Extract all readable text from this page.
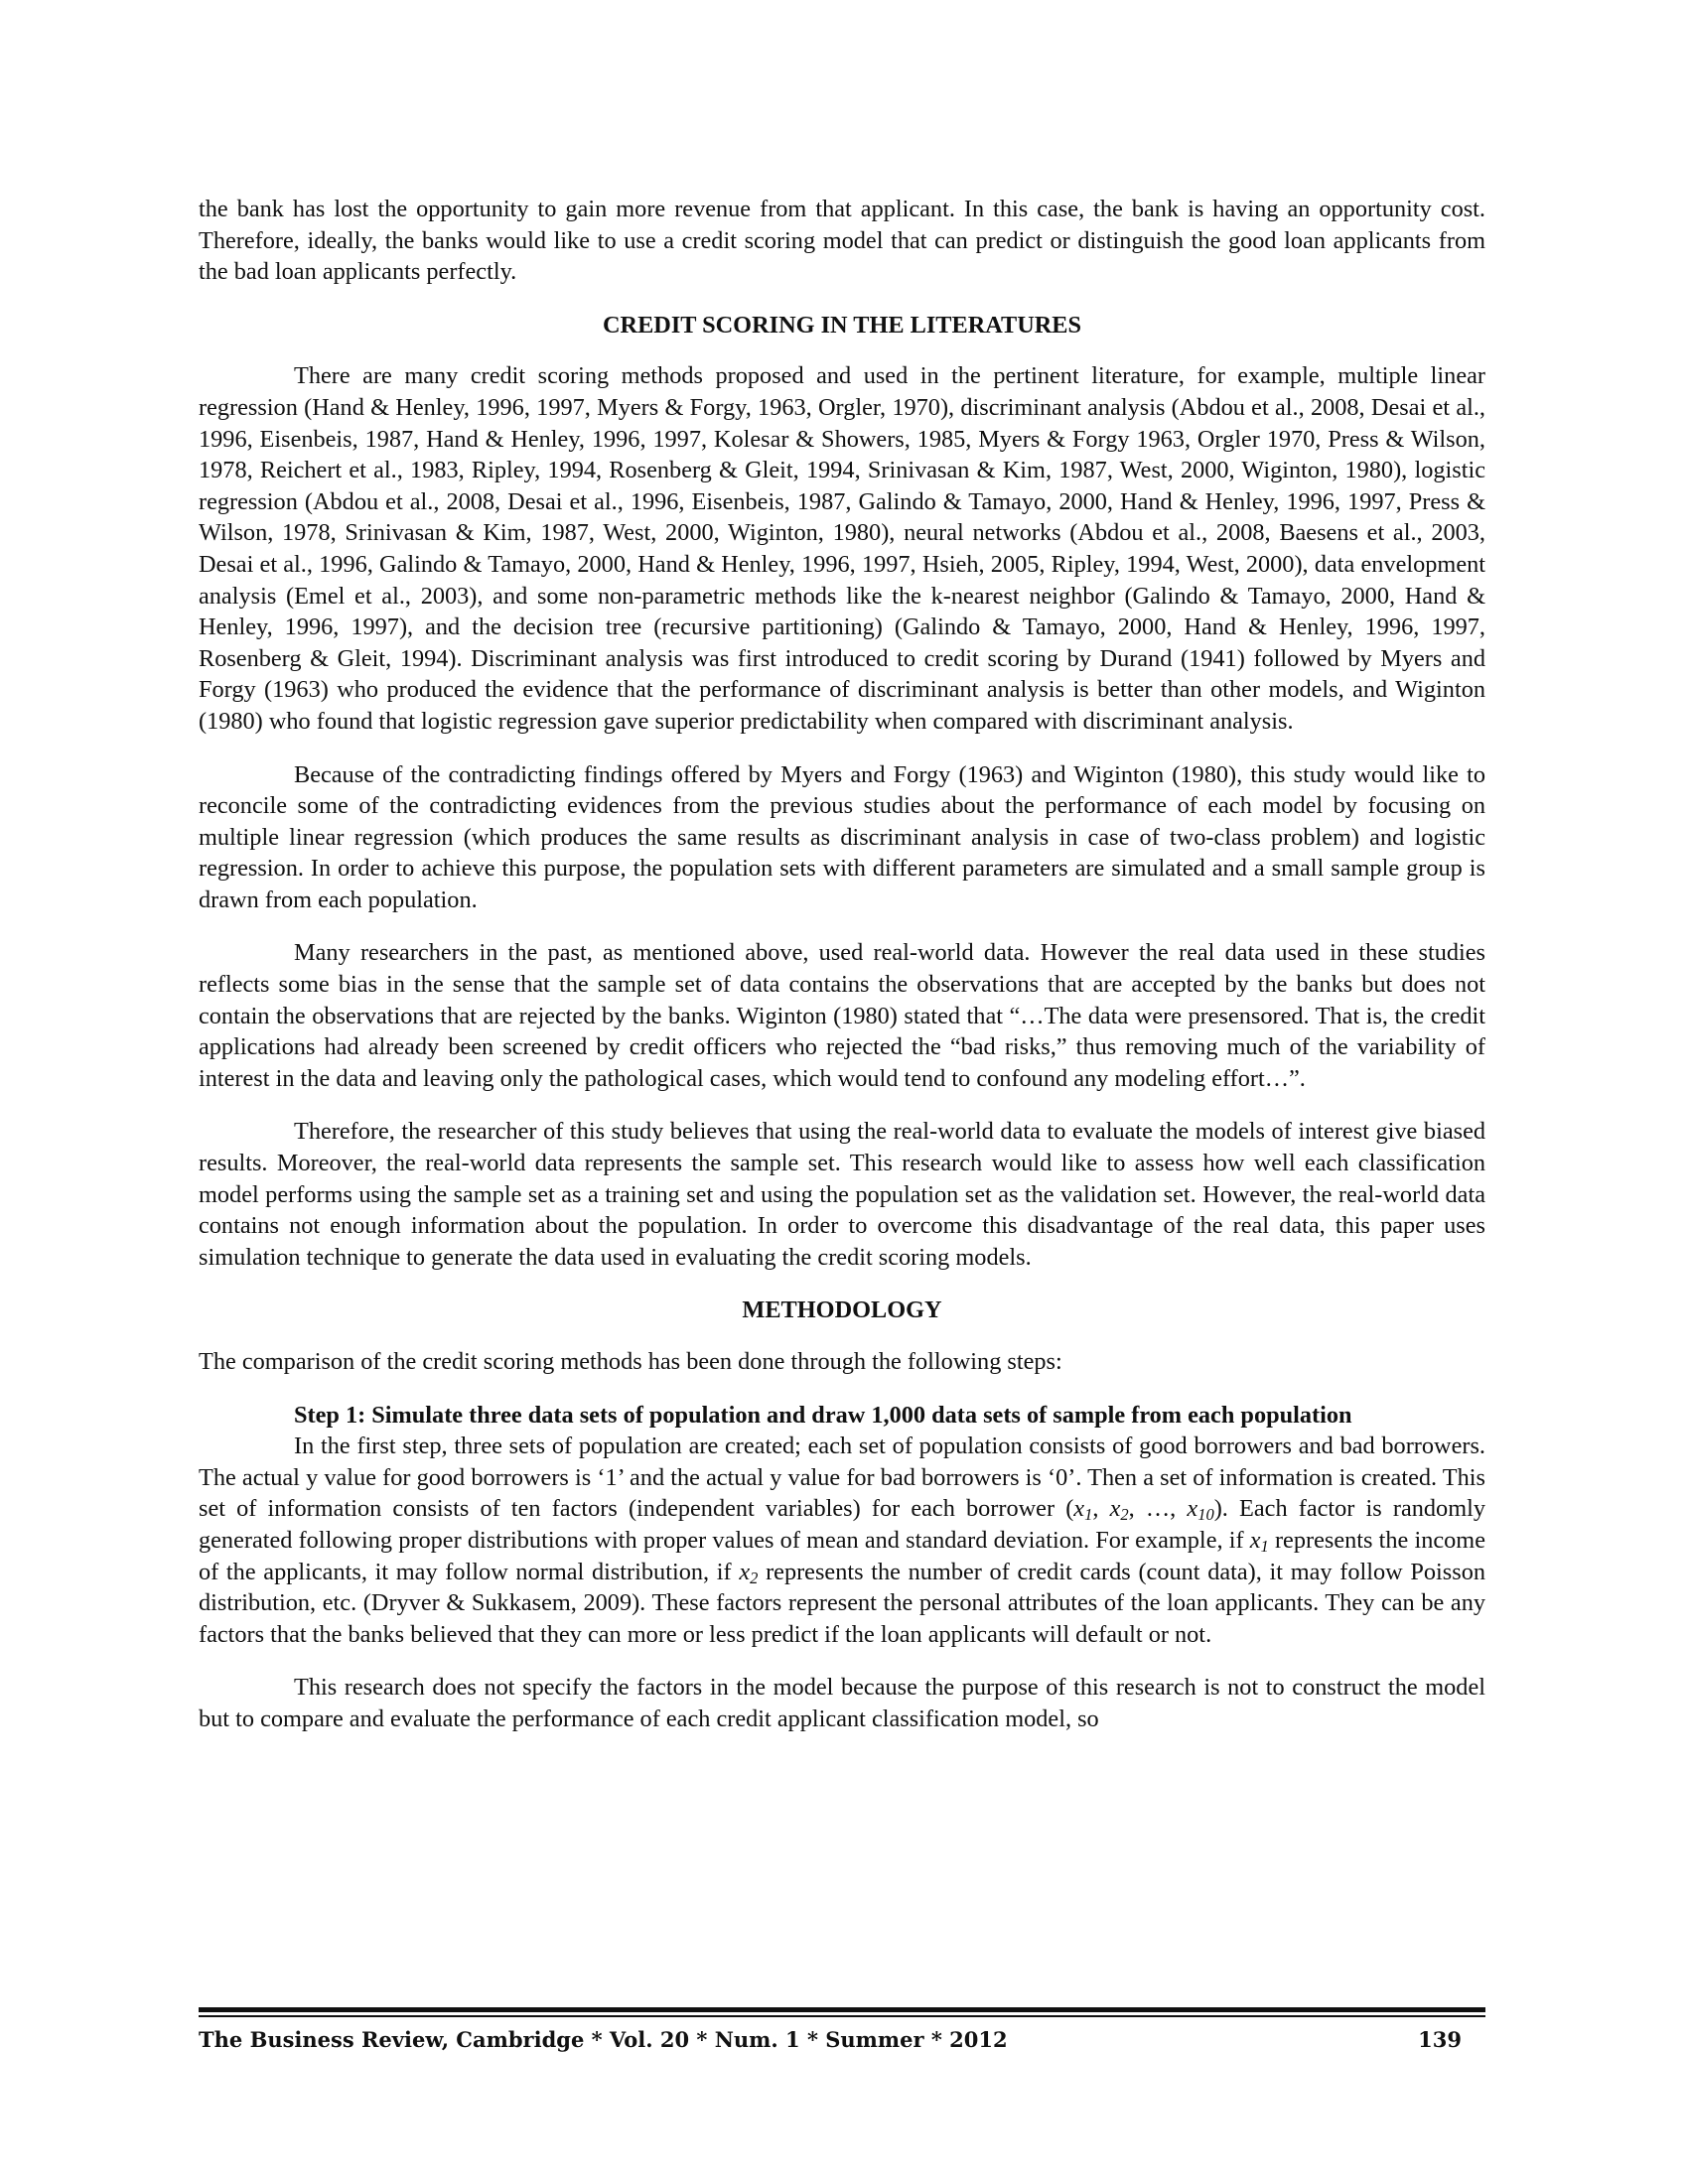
the bank has lost the opportunity to gain more revenue from that applicant. In this case, the bank is having an opportunity cost. Therefore, ideally, the banks would like to use a credit scoring model that can predict or distinguish the good loan applicants from the bad loan applicants perfectly.

CREDIT SCORING IN THE LITERATURES

There are many credit scoring methods proposed and used in the pertinent literature, for example, multiple linear regression (Hand & Henley, 1996, 1997, Myers & Forgy, 1963, Orgler, 1970), discriminant analysis (Abdou et al., 2008, Desai et al., 1996, Eisenbeis, 1987, Hand & Henley, 1996, 1997, Kolesar & Showers, 1985, Myers & Forgy 1963, Orgler 1970, Press & Wilson, 1978, Reichert et al., 1983, Ripley, 1994, Rosenberg & Gleit, 1994, Srinivasan & Kim, 1987, West, 2000, Wiginton, 1980), logistic regression (Abdou et al., 2008, Desai et al., 1996, Eisenbeis, 1987, Galindo & Tamayo, 2000, Hand & Henley, 1996, 1997, Press & Wilson, 1978, Srinivasan & Kim, 1987, West, 2000, Wiginton, 1980), neural networks (Abdou et al., 2008, Baesens et al., 2003, Desai et al., 1996, Galindo & Tamayo, 2000, Hand & Henley, 1996, 1997, Hsieh, 2005, Ripley, 1994, West, 2000), data envelopment analysis (Emel et al., 2003), and some non-parametric methods like the k-nearest neighbor (Galindo & Tamayo, 2000, Hand & Henley, 1996, 1997), and the decision tree (recursive partitioning) (Galindo & Tamayo, 2000, Hand & Henley, 1996, 1997, Rosenberg & Gleit, 1994). Discriminant analysis was first introduced to credit scoring by Durand (1941) followed by Myers and Forgy (1963) who produced the evidence that the performance of discriminant analysis is better than other models, and Wiginton (1980) who found that logistic regression gave superior predictability when compared with discriminant analysis.

Because of the contradicting findings offered by Myers and Forgy (1963) and Wiginton (1980), this study would like to reconcile some of the contradicting evidences from the previous studies about the performance of each model by focusing on multiple linear regression (which produces the same results as discriminant analysis in case of two-class problem) and logistic regression. In order to achieve this purpose, the population sets with different parameters are simulated and a small sample group is drawn from each population.

Many researchers in the past, as mentioned above, used real-world data. However the real data used in these studies reflects some bias in the sense that the sample set of data contains the observations that are accepted by the banks but does not contain the observations that are rejected by the banks. Wiginton (1980) stated that “…The data were presensored. That is, the credit applications had already been screened by credit officers who rejected the “bad risks,” thus removing much of the variability of interest in the data and leaving only the pathological cases, which would tend to confound any modeling effort…”.

Therefore, the researcher of this study believes that using the real-world data to evaluate the models of interest give biased results. Moreover, the real-world data represents the sample set. This research would like to assess how well each classification model performs using the sample set as a training set and using the population set as the validation set. However, the real-world data contains not enough information about the population. In order to overcome this disadvantage of the real data, this paper uses simulation technique to generate the data used in evaluating the credit scoring models.

METHODOLOGY

The comparison of the credit scoring methods has been done through the following steps:

Step 1: Simulate three data sets of population and draw 1,000 data sets of sample from each population

In the first step, three sets of population are created; each set of population consists of good borrowers and bad borrowers. The actual y value for good borrowers is ‘1’ and the actual y value for bad borrowers is ‘0’. Then a set of information is created. This set of information consists of ten factors (independent variables) for each borrower ($x_1$, $x_2$, …, $x_{10}$). Each factor is randomly generated following proper distributions with proper values of mean and standard deviation. For example, if $x_1$ represents the income of the applicants, it may follow normal distribution, if $x_2$ represents the number of credit cards (count data), it may follow Poisson distribution, etc. (Dryver & Sukkasem, 2009). These factors represent the personal attributes of the loan applicants. They can be any factors that the banks believed that they can more or less predict if the loan applicants will default or not.

This research does not specify the factors in the model because the purpose of this research is not to construct the model but to compare and evaluate the performance of each credit applicant classification model, so

The Business Review, Cambridge * Vol. 20 * Num. 1 * Summer * 2012	139
